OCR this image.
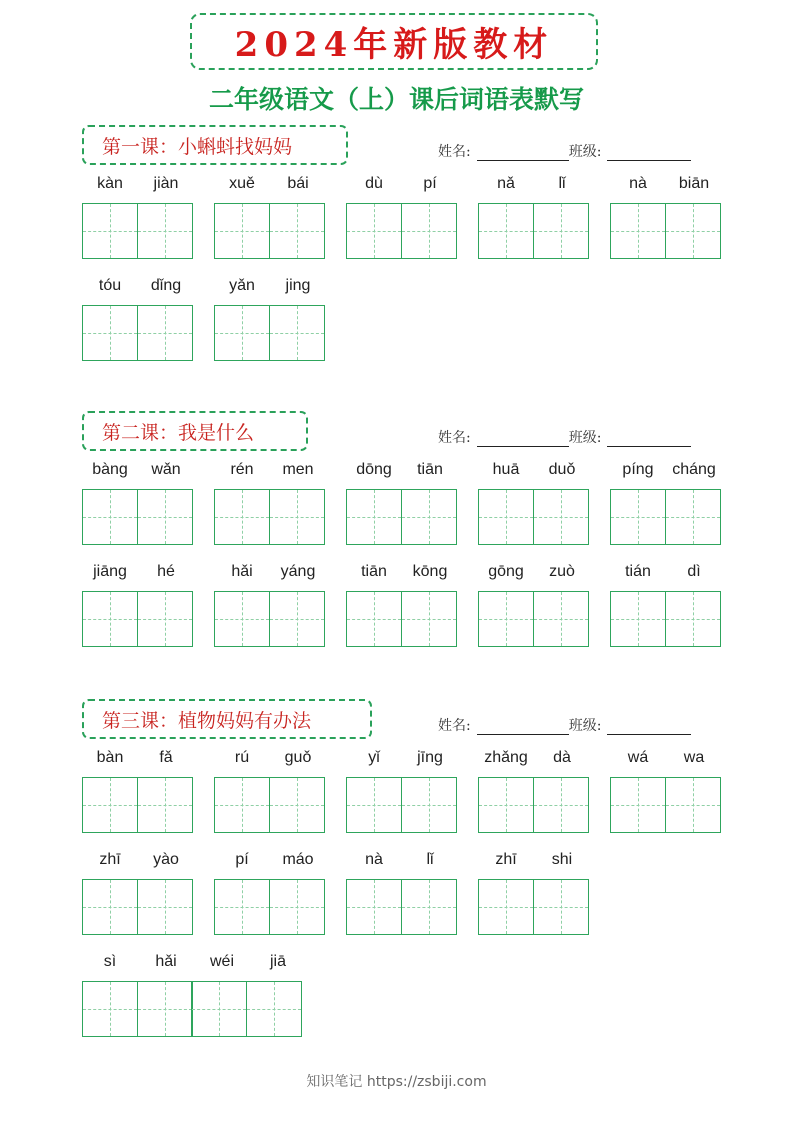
2024年新版教材
二年级语文（上）课后词语表默写
第一课：小蝌蚪找妈妈	姓名:	班级:
kàn	jiàn	xuě	bái	dù	pí	nǎ	lǐ	nà	biān
tóu	dǐng	yǎn	jing
第二课：我是什么	姓名:	班级:
bàng	wǎn	rén	men	dōng	tiān	huā	duǒ	píng	cháng
jiāng	hé	hǎi	yáng	tiān	kōng	gōng	zuò	tián	dì
第三课：植物妈妈有办法	姓名:	班级:
bàn	fǎ	rú	guǒ	yǐ	jīng	zhǎng	dà	wá	wa
zhī	yào	pí	máo	nà	lǐ	zhī	shi
sì	hǎi	wéi	jiā
知识笔记 https://zsbiji.com
